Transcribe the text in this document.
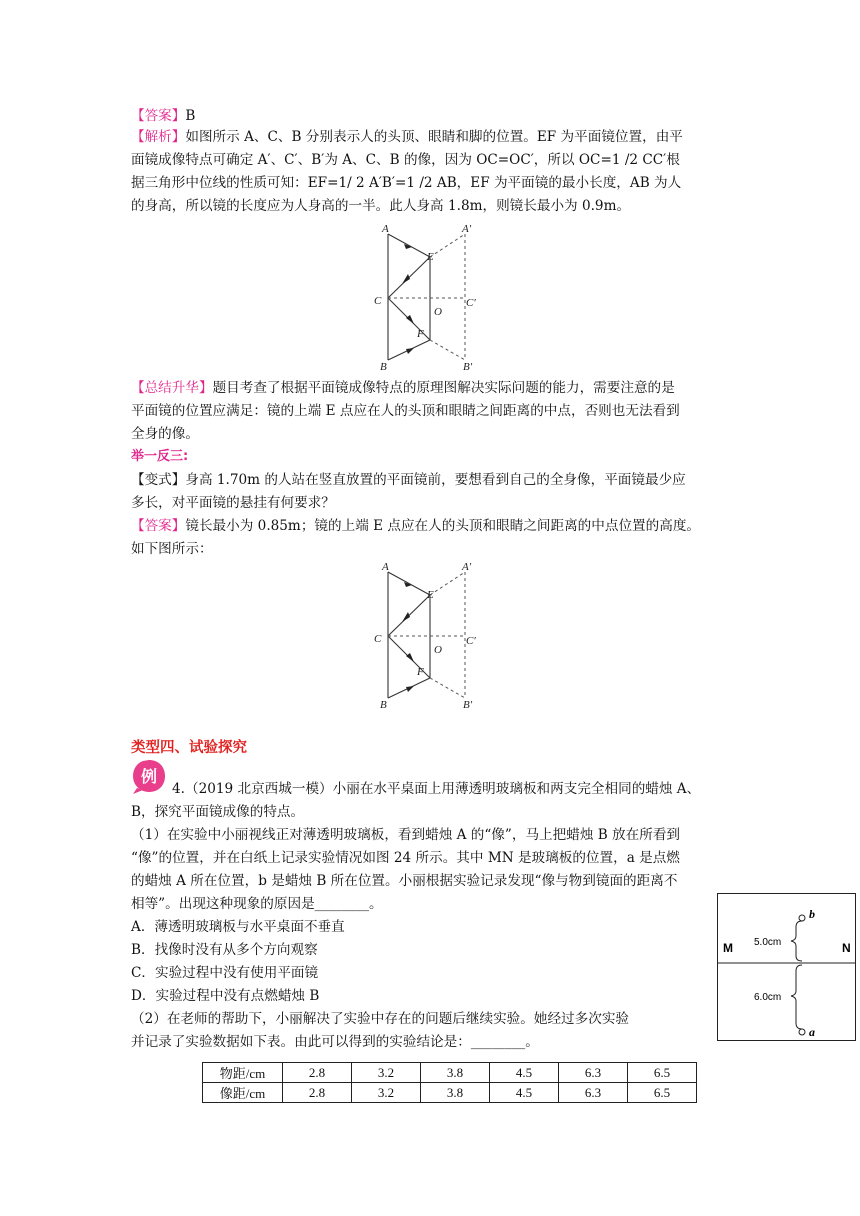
【答案】B
【解析】如图所示 A、C、B 分别表示人的头顶、眼睛和脚的位置。EF 为平面镜位置，由平
面镜成像特点可确定 A′、C′、B′为 A、C、B 的像，因为 OC=OC′，所以 OC=1 /2 CC′根
据三角形中位线的性质可知：EF=1/ 2 A′B′=1 /2 AB，EF 为平面镜的最小长度，AB 为人
的身高，所以镜的长度应为人身高的一半。此人身高 1.8m，则镜长最小为 0.9m。
A	A′
E
C
O
C′
F
B	B′
【总结升华】题目考查了根据平面镜成像特点的原理图解决实际问题的能力，需要注意的是
平面镜的位置应满足：镜的上端 E 点应在人的头顶和眼睛之间距离的中点，否则也无法看到
全身的像。
举一反三:
【变式】身高 1.70m 的人站在竖直放置的平面镜前，要想看到自己的全身像，平面镜最少应
多长，对平面镜的悬挂有何要求？
【答案】镜长最小为 0.85m；镜的上端 E 点应在人的头顶和眼睛之间距离的中点位置的高度。
如下图所示：
A	A′
E
C
O
C′
F
B	B′
类型四、试验探究
例
4.（2019 北京西城一模）小丽在水平桌面上用薄透明玻璃板和两支完全相同的蜡烛 A、
B，探究平面镜成像的特点。
（1）在实验中小丽视线正对薄透明玻璃板，看到蜡烛 A 的“像”，马上把蜡烛 B 放在所看到
“像”的位置，并在白纸上记录实验情况如图 24 所示。其中 MN 是玻璃板的位置，a 是点燃
的蜡烛 A 所在位置，b 是蜡烛 B 所在位置。小丽根据实验记录发现“像与物到镜面的距离不
相等”。出现这种现象的原因是________。
A．薄透明玻璃板与水平桌面不垂直
B．找像时没有从多个方向观察
C．实验过程中没有使用平面镜
D．实验过程中没有点燃蜡烛 B
（2）在老师的帮助下，小丽解决了实验中存在的问题后继续实验。她经过多次实验
并记录了实验数据如下表。由此可以得到的实验结论是：________。
M	N
b
a
5.0cm
6.0cm
物距/cm	2.8	3.2	3.8	4.5	6.3	6.5
像距/cm	2.8	3.2	3.8	4.5	6.3	6.5
